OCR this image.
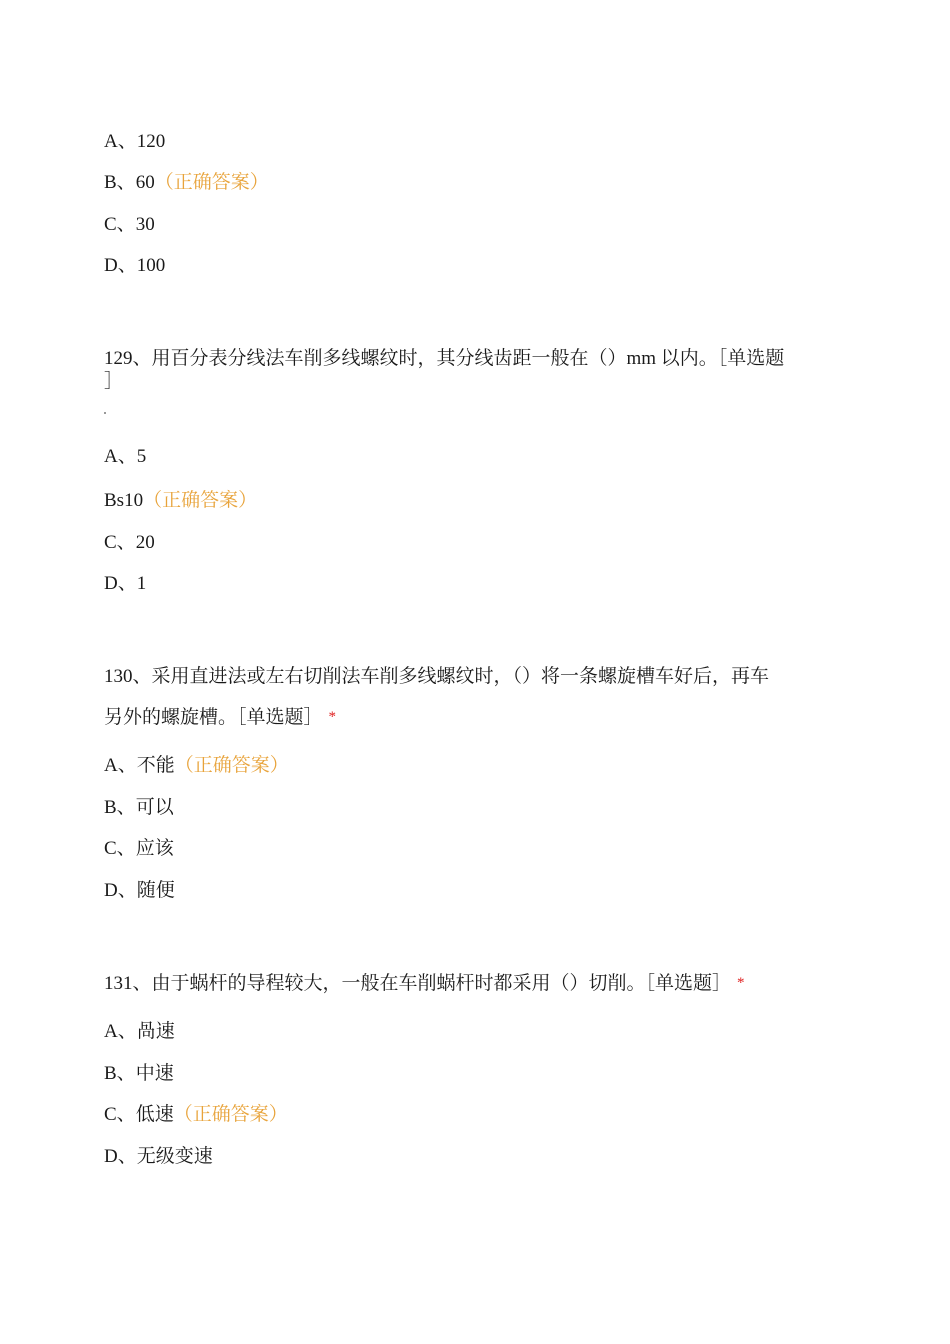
A、120
B、60（正确答案）
C、30
D、100
129、用百分表分线法车削多线螺纹时，其分线齿距一般在（）mm 以内。［单选题
］
A、5
Bs10（正确答案）
C、20
D、1
130、采用直进法或左右切削法车削多线螺纹时，（）将一条螺旋槽车好后，再车
另外的螺旋槽。［单选题］ *
A、不能（正确答案）
B、可以
C、应该
D、随便
131、由于蜗杆的导程较大，一般在车削蜗杆时都采用（）切削。［单选题］ *
A、咼速
B、中速
C、低速（正确答案）
D、无级变速
